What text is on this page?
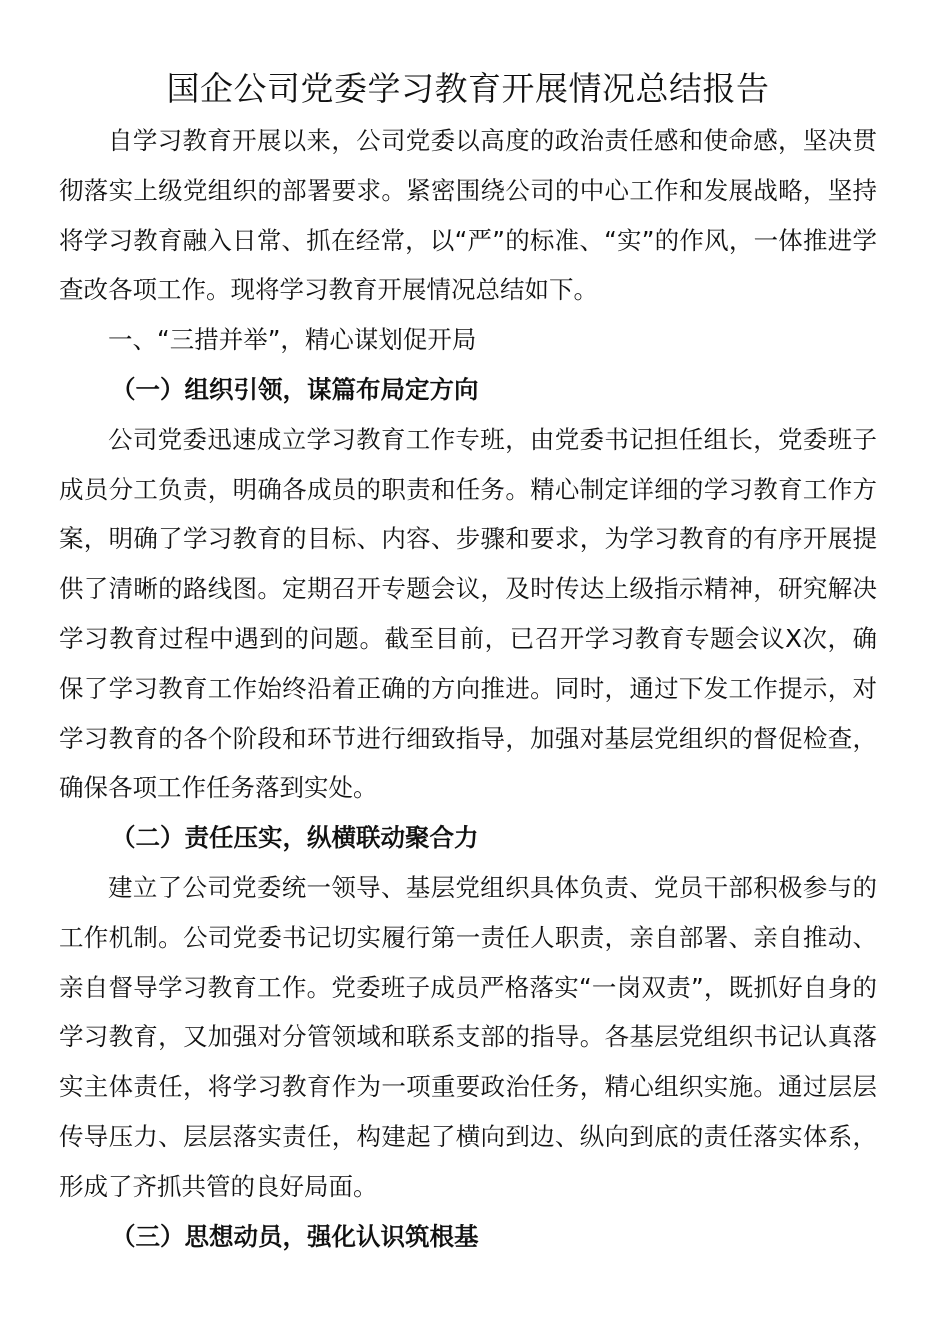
国企公司党委学习教育开展情况总结报告

自学习教育开展以来，公司党委以高度的政治责任感和使命感，坚决贯彻落实上级党组织的部署要求。紧密围绕公司的中心工作和发展战略，坚持将学习教育融入日常、抓在经常，以“严”的标准、“实”的作风，一体推进学查改各项工作。现将学习教育开展情况总结如下。

一、“三措并举”，精心谋划促开局

（一）组织引领，谋篇布局定方向

公司党委迅速成立学习教育工作专班，由党委书记担任组长，党委班子成员分工负责，明确各成员的职责和任务。精心制定详细的学习教育工作方案，明确了学习教育的目标、内容、步骤和要求，为学习教育的有序开展提供了清晰的路线图。定期召开专题会议，及时传达上级指示精神，研究解决学习教育过程中遇到的问题。截至目前，已召开学习教育专题会议X次，确保了学习教育工作始终沿着正确的方向推进。同时，通过下发工作提示，对学习教育的各个阶段和环节进行细致指导，加强对基层党组织的督促检查，确保各项工作任务落到实处。

（二）责任压实，纵横联动聚合力

建立了公司党委统一领导、基层党组织具体负责、党员干部积极参与的工作机制。公司党委书记切实履行第一责任人职责，亲自部署、亲自推动、亲自督导学习教育工作。党委班子成员严格落实“一岗双责”，既抓好自身的学习教育，又加强对分管领域和联系支部的指导。各基层党组织书记认真落实主体责任，将学习教育作为一项重要政治任务，精心组织实施。通过层层传导压力、层层落实责任，构建起了横向到边、纵向到底的责任落实体系，形成了齐抓共管的良好局面。

（三）思想动员，强化认识筑根基
